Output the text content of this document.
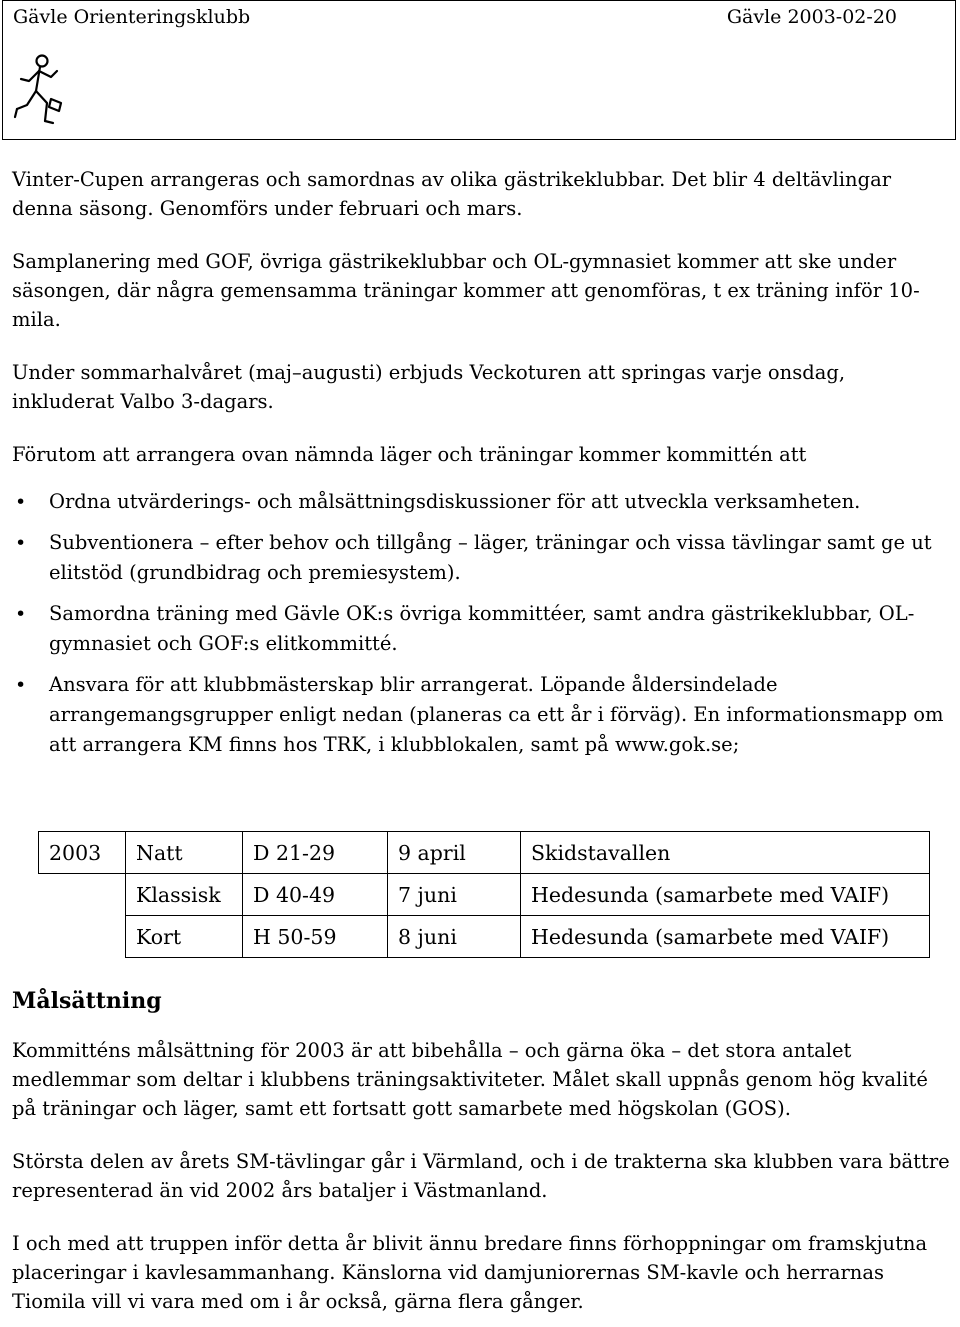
Gävle Orienteringsklubb	Gävle 2003-02-20

Vinter-Cupen arrangeras och samordnas av olika gästrikeklubbar. Det blir 4 deltävlingar denna säsong. Genomförs under februari och mars.

Samplanering med GOF, övriga gästrikeklubbar och OL-gymnasiet kommer att ske under säsongen, där några gemensamma träningar kommer att genomföras, t ex träning inför 10-mila.

Under sommarhalvåret (maj–augusti) erbjuds Veckoturen att springas varje onsdag, inkluderat Valbo 3-dagars.

Förutom att arrangera ovan nämnda läger och träningar kommer kommittén att

• Ordna utvärderings- och målsättningsdiskussioner för att utveckla verksamheten.
• Subventionera – efter behov och tillgång – läger, träningar och vissa tävlingar samt ge ut elitstöd (grundbidrag och premiesystem).
• Samordna träning med Gävle OK:s övriga kommittéer, samt andra gästrikeklubbar, OL-gymnasiet och GOF:s elitkommitté.
• Ansvara för att klubbmästerskap blir arrangerat. Löpande åldersindelade arrangemangsgrupper enligt nedan (planeras ca ett år i förväg). En informationsmapp om att arrangera KM finns hos TRK, i klubblokalen, samt på www.gok.se;
2003	Natt	D 21-29	9 april	Skidstavallen
	Klassisk	D 40-49	7 juni	Hedesunda (samarbete med VAIF)
	Kort	H 50-59	8 juni	Hedesunda (samarbete med VAIF)
Målsättning

Kommitténs målsättning för 2003 är att bibehålla – och gärna öka – det stora antalet medlemmar som deltar i klubbens träningsaktiviteter. Målet skall uppnås genom hög kvalité på träningar och läger, samt ett fortsatt gott samarbete med högskolan (GOS).

Största delen av årets SM-tävlingar går i Värmland, och i de trakterna ska klubben vara bättre representerad än vid 2002 års bataljer i Västmanland.

I och med att truppen inför detta år blivit ännu bredare finns förhoppningar om framskjutna placeringar i kavlesammanhang. Känslorna vid damjuniorernas SM-kavle och herrarnas Tiomila vill vi vara med om i år också, gärna flera gånger.
